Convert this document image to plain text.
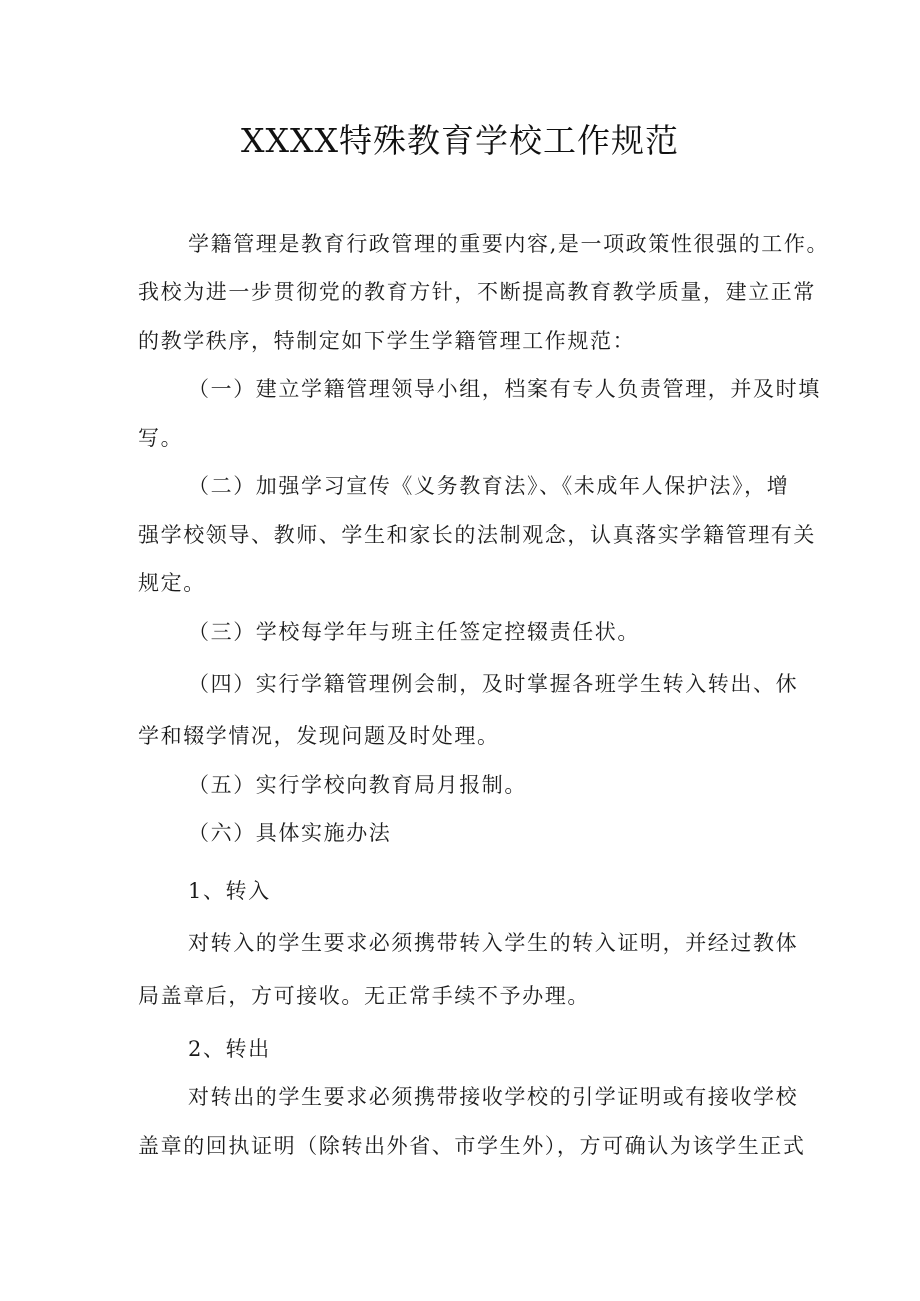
XXXX特殊教育学校工作规范
学籍管理是教育行政管理的重要内容,是一项政策性很强的工作。
我校为进一步贯彻党的教育方针，不断提高教育教学质量，建立正常
的教学秩序，特制定如下学生学籍管理工作规范：
（一）建立学籍管理领导小组，档案有专人负责管理，并及时填
写。
（二）加强学习宣传《义务教育法》、《未成年人保护法》，增
强学校领导、教师、学生和家长的法制观念，认真落实学籍管理有关
规定。
（三）学校每学年与班主任签定控辍责任状。
（四）实行学籍管理例会制，及时掌握各班学生转入转出、休
学和辍学情况，发现问题及时处理。
（五）实行学校向教育局月报制。
（六）具体实施办法
1、转入
对转入的学生要求必须携带转入学生的转入证明，并经过教体
局盖章后，方可接收。无正常手续不予办理。
2、转出
对转出的学生要求必须携带接收学校的引学证明或有接收学校
盖章的回执证明（除转出外省、市学生外），方可确认为该学生正式
